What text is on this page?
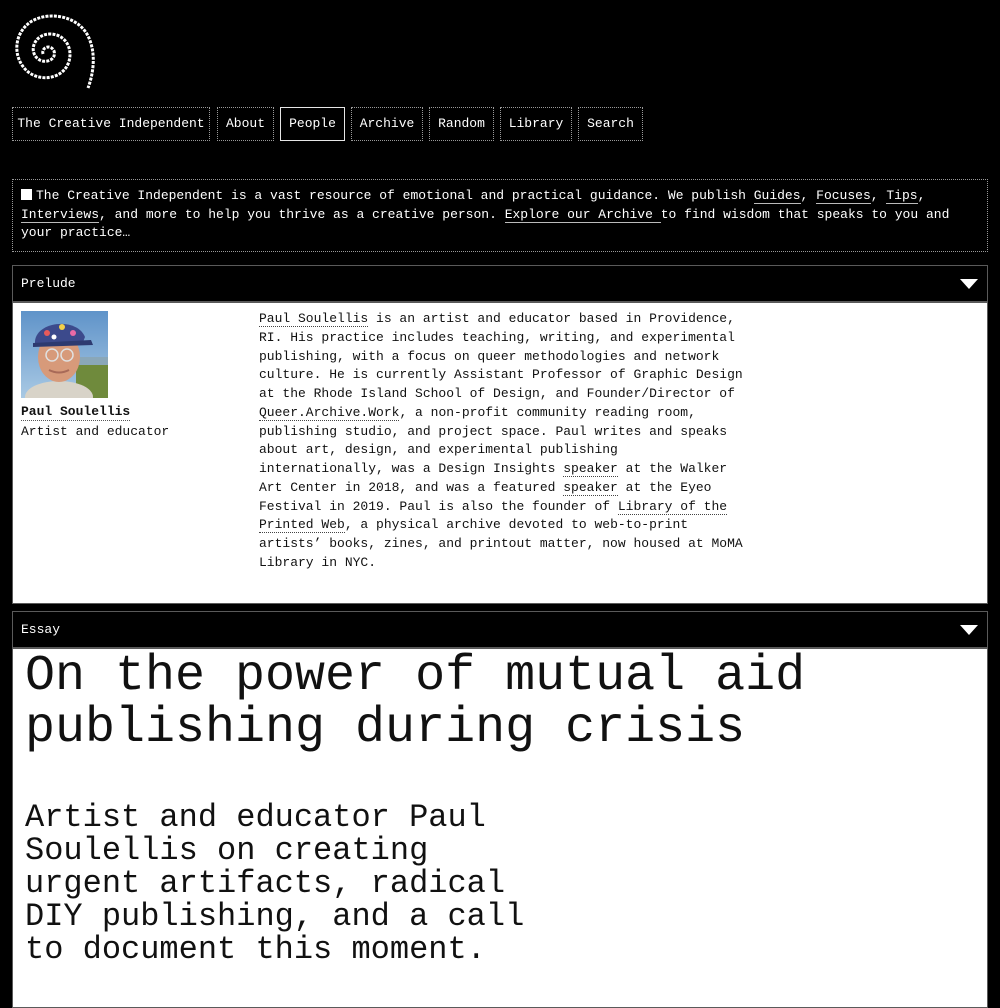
The Creative Independent	About	People	Archive	Random	Library	Search
The Creative Independent is a vast resource of emotional and practical guidance. We publish Guides, Focuses, Tips,
Interviews, and more to help you thrive as a creative person. Explore our Archive to find wisdom that speaks to you and your practice…
Prelude
Paul Soulellis
Artist and educator
Paul Soulellis is an artist and educator based in Providence, RI. His practice includes teaching, writing, and experimental publishing, with a focus on queer methodologies and network culture. He is currently Assistant Professor of Graphic Design at the Rhode Island School of Design, and Founder/Director of Queer.Archive.Work, a non-profit community reading room, publishing studio, and project space. Paul writes and speaks about art, design, and experimental publishing internationally, was a Design Insights speaker at the Walker Art Center in 2018, and was a featured speaker at the Eyeo Festival in 2019. Paul is also the founder of Library of the Printed Web, a physical archive devoted to web-to-print artists’ books, zines, and printout matter, now housed at MoMA Library in NYC.
Essay
On the power of mutual aid publishing during crisis
Artist and educator Paul Soulellis on creating urgent artifacts, radical DIY publishing, and a call to document this moment.
